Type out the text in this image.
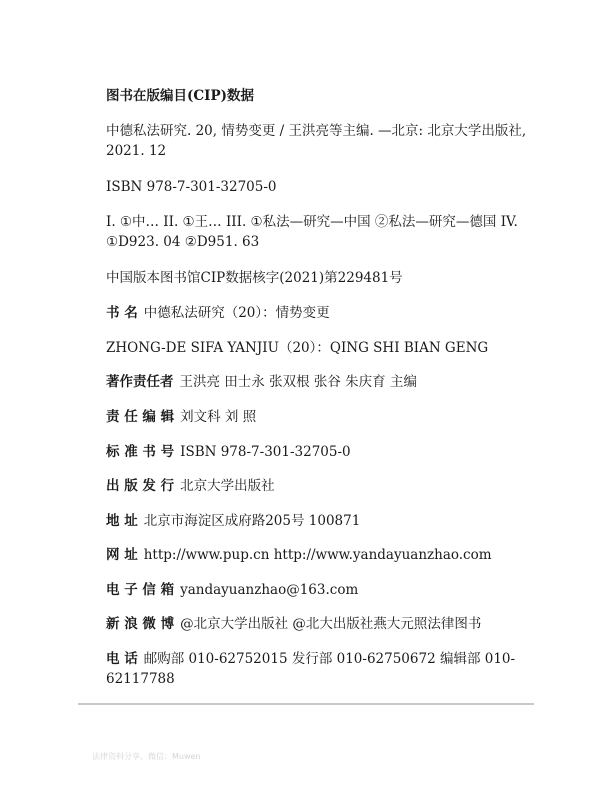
图书在版编目(CIP)数据
中德私法研究. 20, 情势变更 / 王洪亮等主编. —北京: 北京大学出版社, 2021. 12
ISBN 978-7-301-32705-0
I. ①中… II. ①王… III. ①私法—研究—中国 ②私法—研究—德国 IV. ①D923. 04 ②D951. 63
中国版本图书馆CIP数据核字(2021)第229481号
书 名 中德私法研究（20）：情势变更
ZHONG-DE SIFA YANJIU（20）：QING SHI BIAN GENG
著作责任者 王洪亮 田士永 张双根 张谷 朱庆育 主编
责 任 编 辑 刘文科 刘 照
标 准 书 号 ISBN 978-7-301-32705-0
出 版 发 行 北京大学出版社
地 址 北京市海淀区成府路205号 100871
网 址 http://www.pup.cn http://www.yandayuanzhao.com
电 子 信 箱 yandayuanzhao@163.com
新 浪 微 博 @北京大学出版社 @北大出版社燕大元照法律图书
电 话 邮购部 010-62752015 发行部 010-62750672 编辑部 010-62117788
法律资料分享，微信：Muwen
